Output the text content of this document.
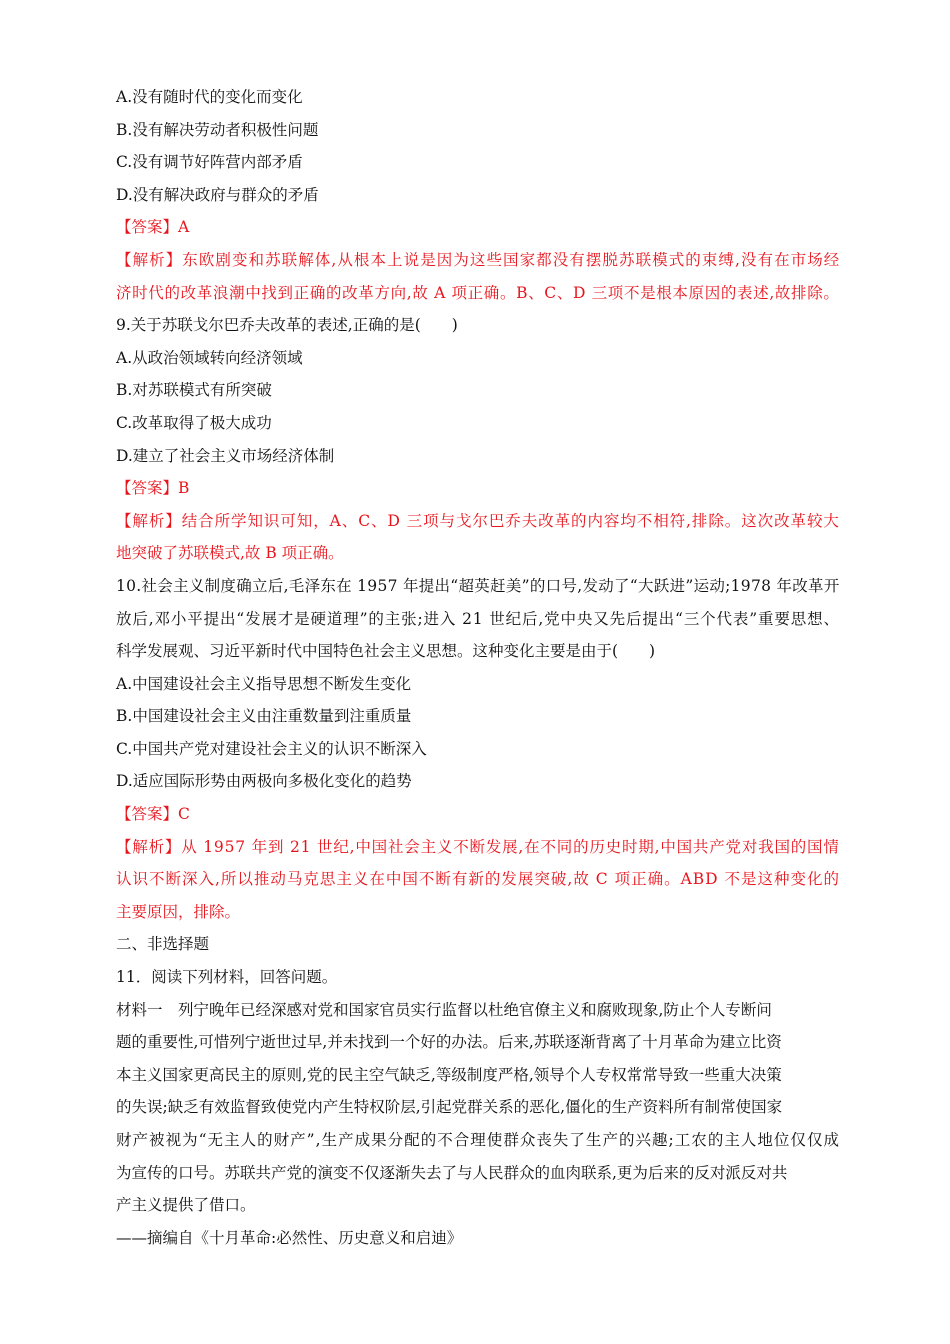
A.没有随时代的变化而变化
B.没有解决劳动者积极性问题
C.没有调节好阵营内部矛盾
D.没有解决政府与群众的矛盾
【答案】A
【解析】东欧剧变和苏联解体,从根本上说是因为这些国家都没有摆脱苏联模式的束缚,没有在市场经
济时代的改革浪潮中找到正确的改革方向,故 A 项正确。B、C、D 三项不是根本原因的表述,故排除。
9.关于苏联戈尔巴乔夫改革的表述,正确的是(　　)
A.从政治领域转向经济领域
B.对苏联模式有所突破
C.改革取得了极大成功
D.建立了社会主义市场经济体制
【答案】B
【解析】结合所学知识可知，A、C、D 三项与戈尔巴乔夫改革的内容均不相符,排除。这次改革较大
地突破了苏联模式,故 B 项正确。
10.社会主义制度确立后,毛泽东在 1957 年提出“超英赶美”的口号,发动了“大跃进”运动;1978 年改革开
放后,邓小平提出“发展才是硬道理”的主张;进入 21 世纪后,党中央又先后提出“三个代表”重要思想、
科学发展观、习近平新时代中国特色社会主义思想。这种变化主要是由于(　　)
A.中国建设社会主义指导思想不断发生变化
B.中国建设社会主义由注重数量到注重质量
C.中国共产党对建设社会主义的认识不断深入
D.适应国际形势由两极向多极化变化的趋势
【答案】C
【解析】从 1957 年到 21 世纪,中国社会主义不断发展,在不同的历史时期,中国共产党对我国的国情
认识不断深入,所以推动马克思主义在中国不断有新的发展突破,故 C 项正确。ABD 不是这种变化的
主要原因，排除。
二、非选择题
11．阅读下列材料，回答问题。
材料一　列宁晚年已经深感对党和国家官员实行监督以杜绝官僚主义和腐败现象,防止个人专断问
题的重要性,可惜列宁逝世过早,并未找到一个好的办法。后来,苏联逐渐背离了十月革命为建立比资
本主义国家更高民主的原则,党的民主空气缺乏,等级制度严格,领导个人专权常常导致一些重大决策
的失误;缺乏有效监督致使党内产生特权阶层,引起党群关系的恶化,僵化的生产资料所有制常使国家
财产被视为“无主人的财产”,生产成果分配的不合理使群众丧失了生产的兴趣;工农的主人地位仅仅成
为宣传的口号。苏联共产党的演变不仅逐渐失去了与人民群众的血肉联系,更为后来的反对派反对共
产主义提供了借口。
——摘编自《十月革命:必然性、历史意义和启迪》
